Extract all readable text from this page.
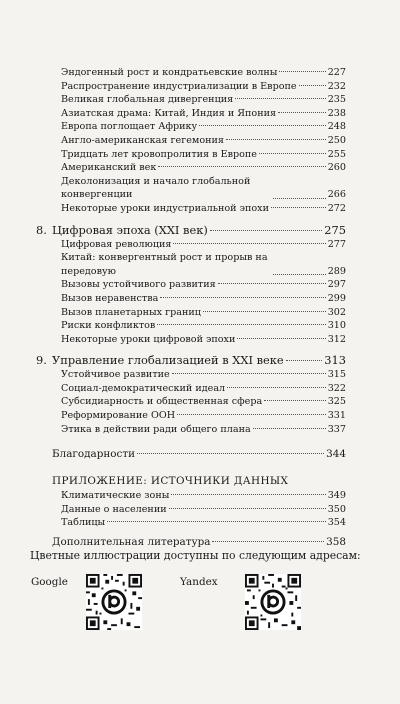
Эндогенный рост и кондратьевские волны	227
Распространение индустриализации в Европе	232
Великая глобальная дивергенция	235
Азиатская драма: Китай, Индия и Япония	238
Европа поглощает Африку	248
Англо-американская гегемония	250
Тридцать лет кровопролития в Европе	255
Американский век	260
Деколонизация и начало глобальной конвергенции	266
Некоторые уроки индустриальной эпохи	272
8. Цифровая эпоха (XXI век)	275
Цифровая революция	277
Китай: конвергентный рост и прорыв на передовую	289
Вызовы устойчивого развития	297
Вызов неравенства	299
Вызов планетарных границ	302
Риски конфликтов	310
Некоторые уроки цифровой эпохи	312
9. Управление глобализацией в XXI веке	313
Устойчивое развитие	315
Социал-демократический идеал	322
Субсидиарность и общественная сфера	325
Реформирование ООН	331
Этика в действии ради общего плана	337
Благодарности	344
ПРИЛОЖЕНИЕ: ИСТОЧНИКИ ДАННЫХ
Климатические зоны	349
Данные о населении	350
Таблицы	354
Дополнительная литература	358
Цветные иллюстрации доступны по следующим адресам:
Google	Yandex
